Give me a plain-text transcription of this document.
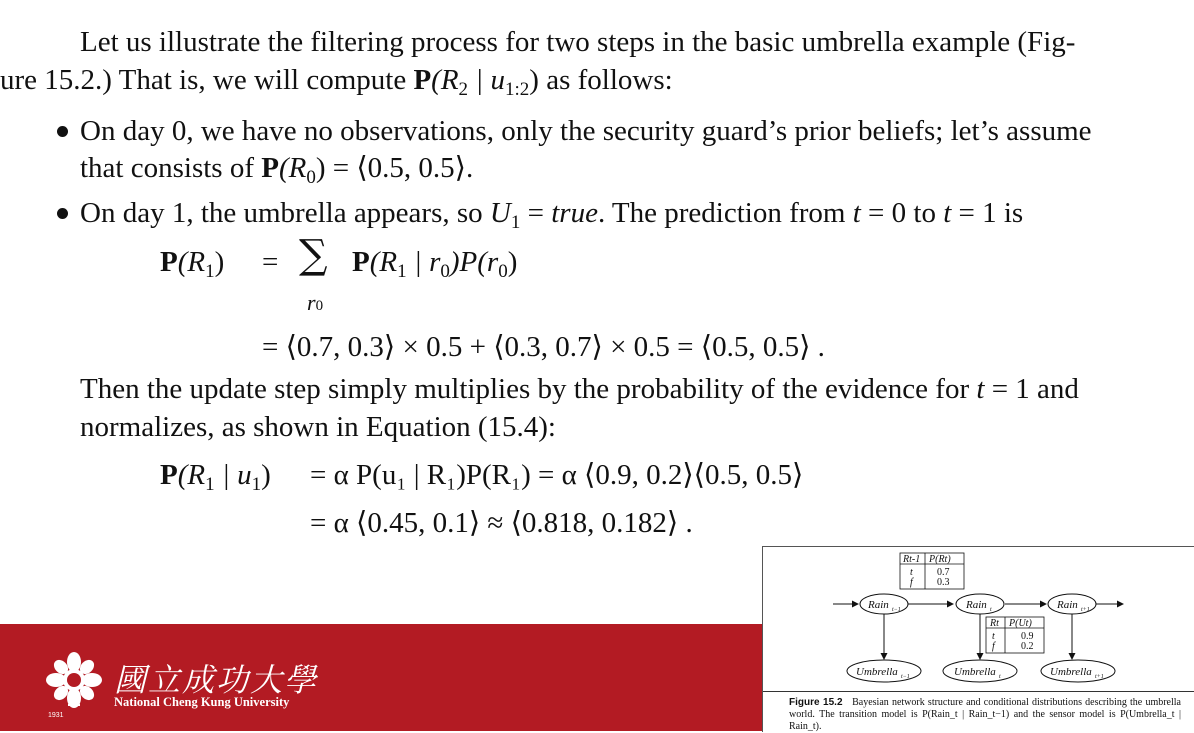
Let us illustrate the filtering process for two steps in the basic umbrella example (Fig-
ure 15.2.) That is, we will compute $P(R_2$ | $u_{1:2}$) as follows:
On day 0, we have no observations, only the security guard’s prior beliefs; let’s assume
that consists of $P(R_0)$ = ⟨0.5, 0.5⟩.
On day 1, the umbrella appears, so $U_1$ = true. The prediction from t = 0 to t = 1 is
$P(R_1)$ = ∑
r0
$P(R_1$ | $r_0)P(r_0)$
= ⟨0.7, 0.3⟩ × 0.5 + ⟨0.3, 0.7⟩ × 0.5 = ⟨0.5, 0.5⟩ .
Then the update step simply multiplies by the probability of the evidence for t = 1 and
normalizes, as shown in Equation (15.4):
$P(R_1$ | $u_1) = \alpha$ P(u₁ | R₁)P(R₁) = α ⟨0.9, 0.2⟩⟨0.5, 0.5⟩
= α ⟨0.45, 0.1⟩ ≈ ⟨0.818, 0.182⟩ .
國立成功大學
National Cheng Kung University
1931
Rt-1 P(Rt)
t 0.7
f 0.3
Rt P(Ut)
t	0.9
f	0.2
Rain t−1	Rain t	Rain t+1
Umbrella t−1	Umbrella t	Umbrella t+1
Figure 15.2 Bayesian network structure and conditional distributions describing the umbrella world. The transition model is P(Rain_t | Rain_t−1) and the sensor model is P(Umbrella_t | Rain_t).
